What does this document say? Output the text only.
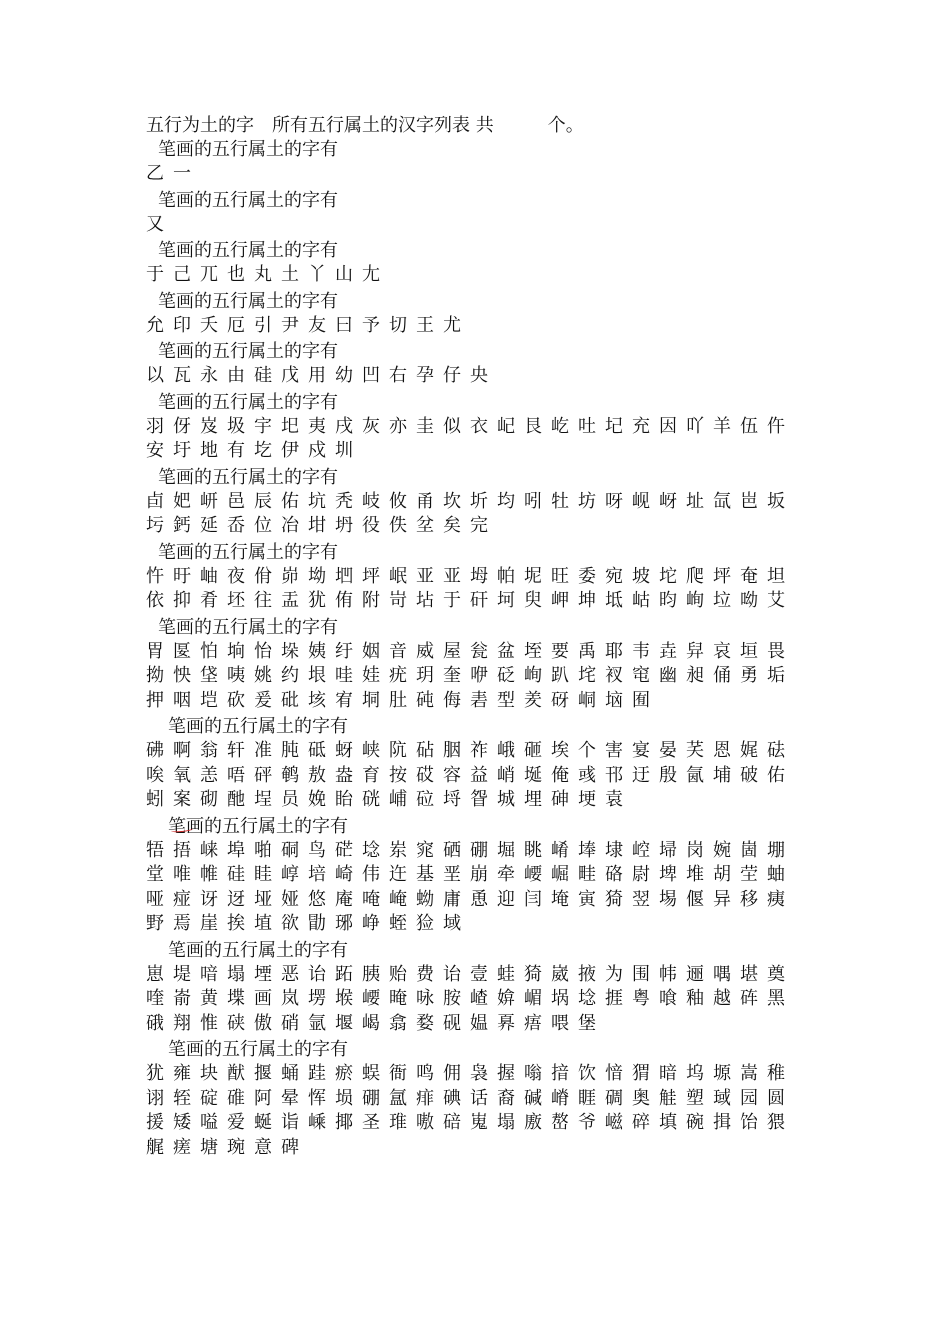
五行为土的字　所有五行属土的汉字列表 共　　　个。

笔画的五行属土的字有

乙一

笔画的五行属土的字有

又

笔画的五行属土的字有

于己兀也丸土丫山尢

笔画的五行属土的字有

允印夭厄引尹友曰予切王尤

笔画的五行属土的字有

以瓦永由硅戊用幼凹右孕仔央

笔画的五行属土的字有

羽伢岌圾宇圯夷戌灰亦圭似衣屺艮屹吐圮充因吖羊伍仵安圩地有圪伊戍圳

笔画的五行属土的字有

卣妑岍邑辰佑坑秃岐攸甬坎圻均吲牡坊呀岘岈址氙岜坂圬鈣延岙位冶坩坍役佚坌矣完

笔画的五行属土的字有

忤旴岫夜佾峁坳垇坪岷亚亚坶帕坭旺委宛坡坨爬坪奄坦依抑肴坯往盂犹侑附岢坫于矸坷臾岬坤坻岵昀峋垃呦艾

笔画的五行属土的字有

胃匽怕垧怡垛姨纡姻音威屋瓮盆垤要禹耶韦垚舁哀垣畏拗怏垡咦姚约垠哇娃疣玥奎咿砭峋趴垞衩窀幽昶俑勇垢押咽垲砍爰砒垓宥垌肚砘侮砉型羑砑峒垴囿

笔画的五行属土的字有

砩啊翁轩准肫砥蚜峡阬砧胭祚峨砸埃个害宴晏芺恩娓砝唉氧恙唔砰鹌敖盎育按砹容益峭埏俺彧邗迂殷氤埔破佑蚓案砌酏埕员娩眙硄峬砬埒眢城埋砷埂袁

笔画的五行属土的字有

牾捂崃埠啪硐鸟硭埝岽窕硒硼堀眺崤埲埭崆埽岗婉崮堋堂唯帷硅眭崞培崎伟迕基垩崩牵崾崛畦硌尉埤堆胡茔蚰哑痖讶迓垭娅悠庵唵崦蚴庸恿迎闫埯寅猗翌埸偃异移痍野焉崖挨埴欲勖琊峥蛭猃域

笔画的五行属土的字有

崽堤喑塌堙恶诒跖胰贻费诒壹蛙猗崴掖为围帏逦喁堪奠喹嵛黄堞画岚塄堠崾晻咏胺嵖媕嵋埚埝捱粤喰釉越砗黑硪翔惟硖傲硝氩堰嵑翕婺砚媪奡痦喂堡

笔画的五行属土的字有

犹雍块猷揠蛹跬瘀蜈衙鸣佣袅握嗡揞饮愔猬暗坞塬嵩稚诩轾碇碓阿晕恽埙硼氲痱碘话裔碱嵴睚碉奥觟塑琙园圆援矮嗌爱蜒诣嵊揶圣琟嗷碚嵬塌廒嶅爷嵫碎填碗揖饴猥艉瘥塘琬意碑
